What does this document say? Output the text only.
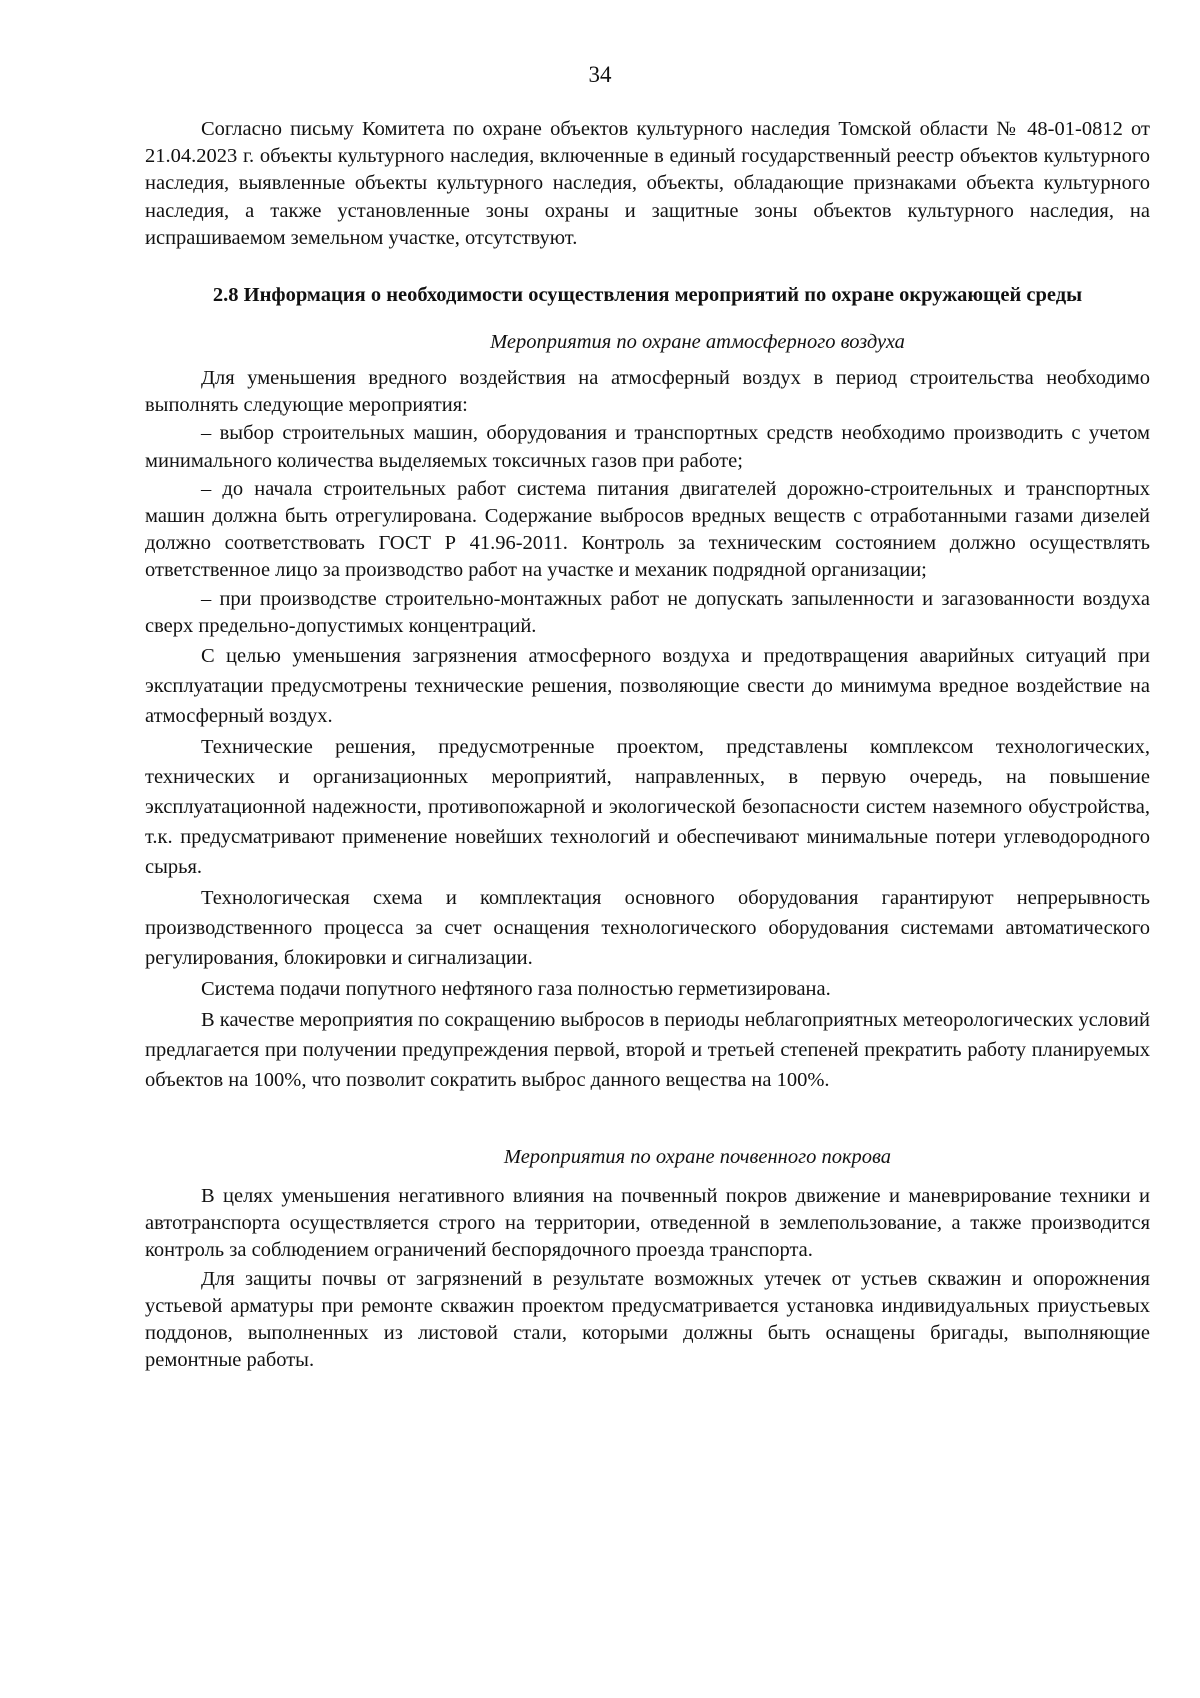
34

Согласно письму Комитета по охране объектов культурного наследия Томской области № 48-01-0812 от 21.04.2023 г. объекты культурного наследия, включенные в единый государственный реестр объектов культурного наследия, выявленные объекты культурного наследия, объекты, обладающие признаками объекта культурного наследия, а также установленные зоны охраны и защитные зоны объектов культурного наследия, на испрашиваемом земельном участке, отсутствуют.

2.8 Информация о необходимости осуществления мероприятий по охране окружающей среды
Мероприятия по охране атмосферного воздуха

Для уменьшения вредного воздействия на атмосферный воздух в период строительства необходимо выполнять следующие мероприятия:

– выбор строительных машин, оборудования и транспортных средств необходимо производить с учетом минимального количества выделяемых токсичных газов при работе;

– до начала строительных работ система питания двигателей дорожно-строительных и транспортных машин должна быть отрегулирована. Содержание выбросов вредных веществ с отработанными газами дизелей должно соответствовать ГОСТ Р 41.96-2011. Контроль за техническим состоянием должно осуществлять ответственное лицо за производство работ на участке и механик подрядной организации;

– при производстве строительно-монтажных работ не допускать запыленности и загазованности воздуха сверх предельно-допустимых концентраций.

С целью уменьшения загрязнения атмосферного воздуха и предотвращения аварийных ситуаций при эксплуатации предусмотрены технические решения, позволяющие свести до минимума вредное воздействие на атмосферный воздух.

Технические решения, предусмотренные проектом, представлены комплексом технологических, технических и организационных мероприятий, направленных, в первую очередь, на повышение эксплуатационной надежности, противопожарной и экологической безопасности систем наземного обустройства, т.к. предусматривают применение новейших технологий и обеспечивают минимальные потери углеводородного сырья.

Технологическая схема и комплектация основного оборудования гарантируют непрерывность производственного процесса за счет оснащения технологического оборудования системами автоматического регулирования, блокировки и сигнализации.

Система подачи попутного нефтяного газа полностью герметизирована.

В качестве мероприятия по сокращению выбросов в периоды неблагоприятных метеорологических условий предлагается при получении предупреждения первой, второй и третьей степеней прекратить работу планируемых объектов на 100%, что позволит сократить выброс данного вещества на 100%.

Мероприятия по охране почвенного покрова

В целях уменьшения негативного влияния на почвенный покров движение и маневрирование техники и автотранспорта осуществляется строго на территории, отведенной в землепользование, а также производится контроль за соблюдением ограничений беспорядочного проезда транспорта.

Для защиты почвы от загрязнений в результате возможных утечек от устьев скважин и опорожнения устьевой арматуры при ремонте скважин проектом предусматривается установка индивидуальных приустьевых поддонов, выполненных из листовой стали, которыми должны быть оснащены бригады, выполняющие ремонтные работы.
